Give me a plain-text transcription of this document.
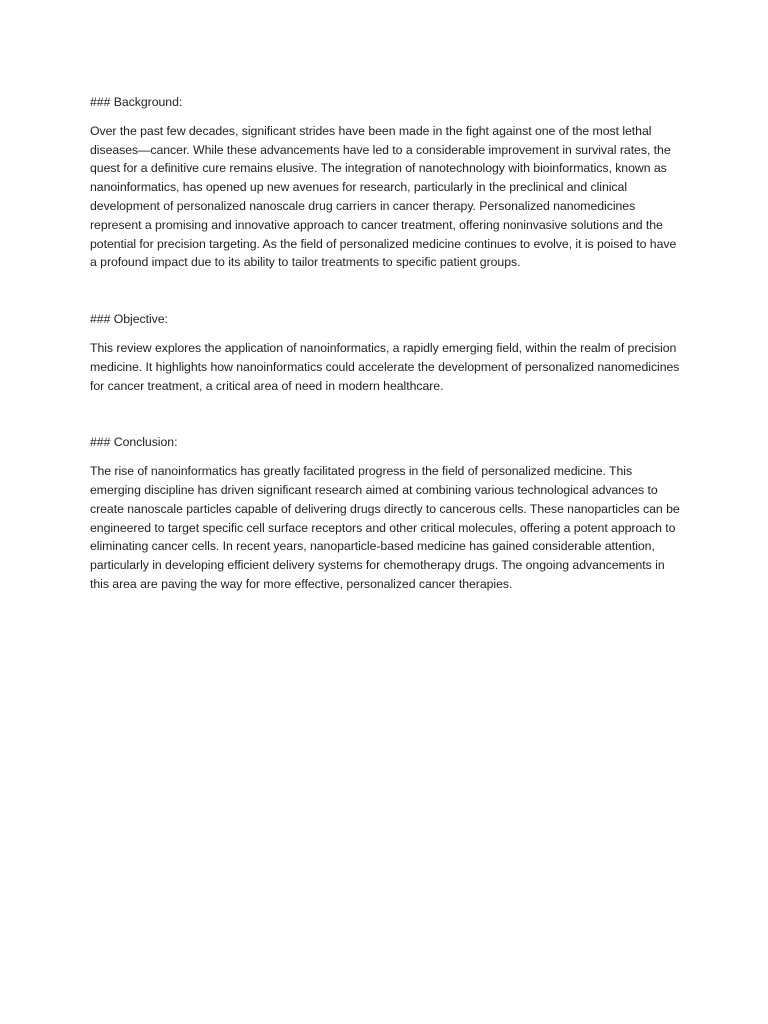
### Background:

Over the past few decades, significant strides have been made in the fight against one of the most lethal diseases—cancer. While these advancements have led to a considerable improvement in survival rates, the quest for a definitive cure remains elusive. The integration of nanotechnology with bioinformatics, known as nanoinformatics, has opened up new avenues for research, particularly in the preclinical and clinical development of personalized nanoscale drug carriers in cancer therapy. Personalized nanomedicines represent a promising and innovative approach to cancer treatment, offering noninvasive solutions and the potential for precision targeting. As the field of personalized medicine continues to evolve, it is poised to have a profound impact due to its ability to tailor treatments to specific patient groups.

### Objective:

This review explores the application of nanoinformatics, a rapidly emerging field, within the realm of precision medicine. It highlights how nanoinformatics could accelerate the development of personalized nanomedicines for cancer treatment, a critical area of need in modern healthcare.

### Conclusion:

The rise of nanoinformatics has greatly facilitated progress in the field of personalized medicine. This emerging discipline has driven significant research aimed at combining various technological advances to create nanoscale particles capable of delivering drugs directly to cancerous cells. These nanoparticles can be engineered to target specific cell surface receptors and other critical molecules, offering a potent approach to eliminating cancer cells. In recent years, nanoparticle-based medicine has gained considerable attention, particularly in developing efficient delivery systems for chemotherapy drugs. The ongoing advancements in this area are paving the way for more effective, personalized cancer therapies.
